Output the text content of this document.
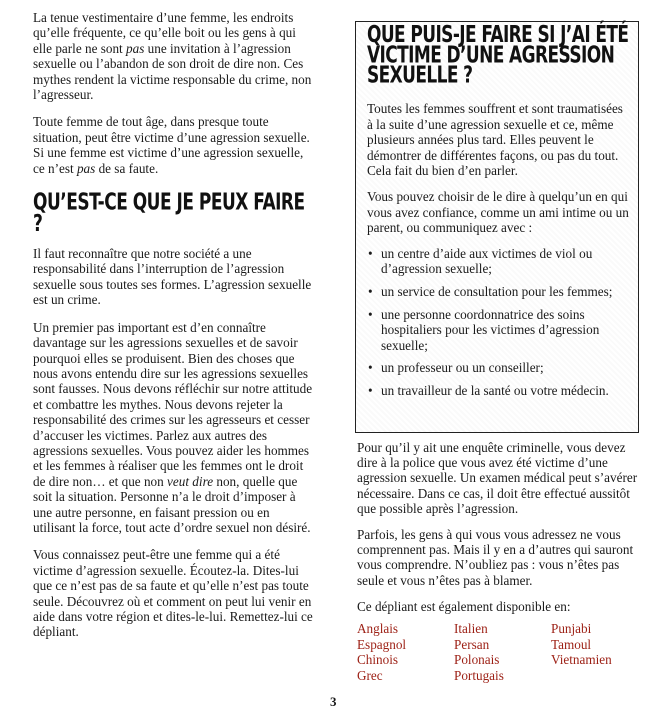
La tenue vestimentaire d’une femme, les endroits qu’elle fréquente, ce qu’elle boit ou les gens à qui elle parle ne sont pas une invitation à l’agression sexuelle ou l’abandon de son droit de dire non. Ces mythes rendent la victime responsable du crime, non l’agresseur.

Toute femme de tout âge, dans presque toute situation, peut être victime d’une agression sexuelle. Si une femme est victime d’une agression sexuelle, ce n’est pas de sa faute.

QU’EST-CE QUE JE PEUX FAIRE ?

Il faut reconnaître que notre société a une responsabilité dans l’interruption de l’agression sexuelle sous toutes ses formes. L’agression sexuelle est un crime.

Un premier pas important est d’en connaître davantage sur les agressions sexuelles et de savoir pourquoi elles se produisent. Bien des choses que nous avons entendu dire sur les agressions sexuelles sont fausses. Nous devons réfléchir sur notre attitude et combattre les mythes. Nous devons rejeter la responsabilité des crimes sur les agresseurs et cesser d’accuser les victimes. Parlez aux autres des agressions sexuelles. Vous pouvez aider les hommes et les femmes à réaliser que les femmes ont le droit de dire non… et que non veut dire non, quelle que soit la situation. Personne n’a le droit d’imposer à une autre personne, en faisant pression ou en utilisant la force, tout acte d’ordre sexuel non désiré.

Vous connaissez peut-être une femme qui a été victime d’agression sexuelle. Écoutez-la. Dites-lui que ce n’est pas de sa faute et qu’elle n’est pas toute seule. Découvrez où et comment on peut lui venir en aide dans votre région et dites-le-lui. Remettez-lui ce dépliant.

QUE PUIS-JE FAIRE SI J’AI ÉTÉ VICTIME D’UNE AGRESSION SEXUELLE ?

Toutes les femmes souffrent et sont traumatisées à la suite d’une agression sexuelle et ce, même plusieurs années plus tard. Elles peuvent le démontrer de différentes façons, ou pas du tout. Cela fait du bien d’en parler.

Vous pouvez choisir de le dire à quelqu’un en qui vous avez confiance, comme un ami intime ou un parent, ou communiquez avec :

• un centre d’aide aux victimes de viol ou d’agression sexuelle;
• un service de consultation pour les femmes;
• une personne coordonnatrice des soins hospitaliers pour les victimes d’agression sexuelle;
• un professeur ou un conseiller;
• un travailleur de la santé ou votre médecin.

Pour qu’il y ait une enquête criminelle, vous devez dire à la police que vous avez été victime d’une agression sexuelle. Un examen médical peut s’avérer nécessaire. Dans ce cas, il doit être effectué aussitôt que possible après l’agression.

Parfois, les gens à qui vous vous adressez ne vous comprennent pas. Mais il y en a d’autres qui sauront vous comprendre. N’oubliez pas : vous n’êtes pas seule et vous n’êtes pas à blamer.

Ce dépliant est également disponible en:

Anglais	Italien	Punjabi
Espagnol	Persan	Tamoul
Chinois	Polonais	Vietnamien
Grec	Portugais
3
